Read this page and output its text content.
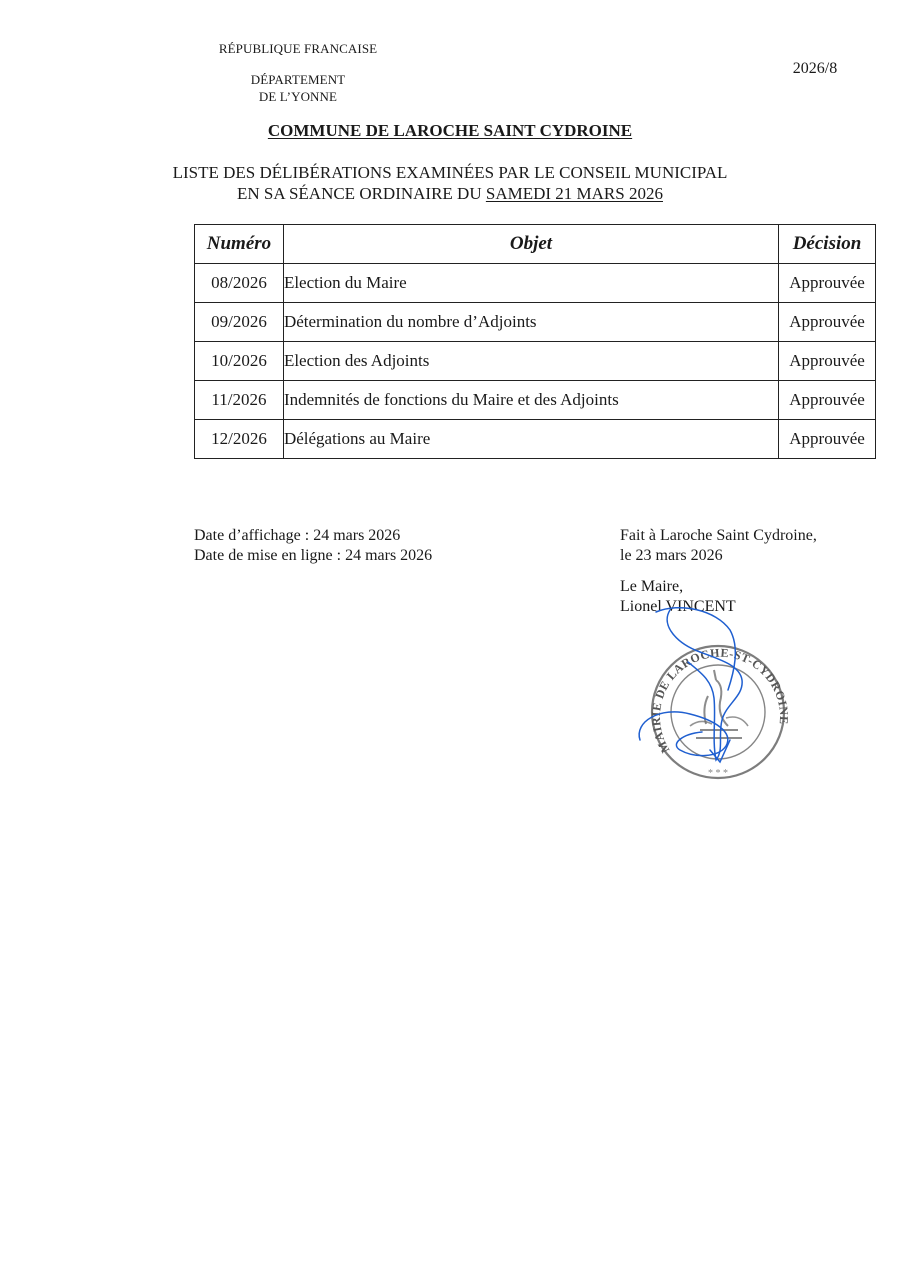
RÉPUBLIQUE FRANCAISE
DÉPARTEMENT
DE L’YONNE
2026/8
COMMUNE DE LAROCHE SAINT CYDROINE
LISTE DES DÉLIBÉRATIONS EXAMINÉES PAR LE CONSEIL MUNICIPAL
EN SA SÉANCE ORDINAIRE DU SAMEDI 21 MARS 2026
Numéro	Objet	Décision
08/2026	Election du Maire	Approuvée
09/2026	Détermination du nombre d’Adjoints	Approuvée
10/2026	Election des Adjoints	Approuvée
11/2026	Indemnités de fonctions du Maire et des Adjoints	Approuvée
12/2026	Délégations au Maire	Approuvée
Date d’affichage : 24 mars 2026
Date de mise en ligne : 24 mars 2026
Fait à Laroche Saint Cydroine,
le 23 mars 2026
Le Maire,
Lionel VINCENT
MAIRIE DE LAROCHE-ST-CYDROINE
* * *
